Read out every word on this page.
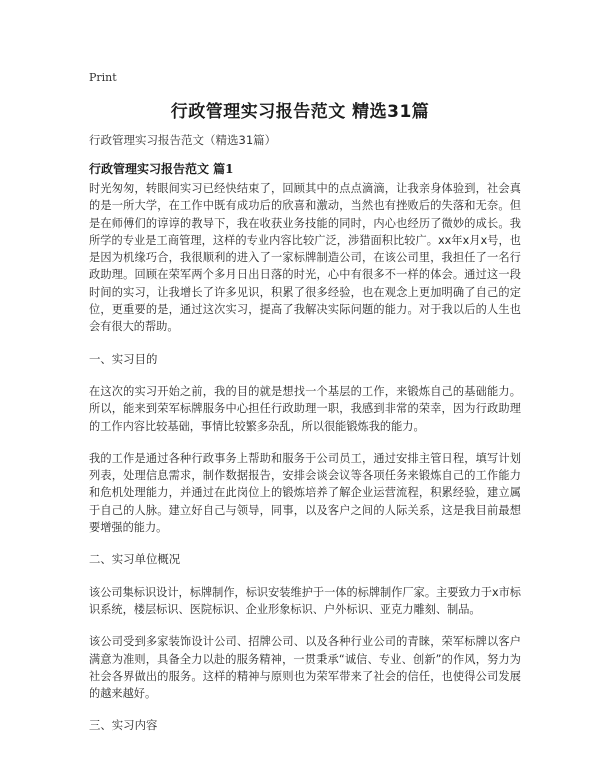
Print
行政管理实习报告范文 精选31篇
行政管理实习报告范文（精选31篇）
行政管理实习报告范文 篇1

时光匆匆，转眼间实习已经快结束了，回顾其中的点点滴滴，让我亲身体验到，社会真的是一所大学，在工作中既有成功后的欣喜和激动，当然也有挫败后的失落和无奈。但是在师傅们的谆谆的教导下，我在收获业务技能的同时，内心也经历了微妙的成长。我所学的专业是工商管理，这样的专业内容比较广泛，涉猎面积比较广。xx年x月x号，也是因为机缘巧合，我很顺利的进入了一家标牌制造公司，在该公司里，我担任了一名行政助理。回顾在荣军两个多月日出日落的时光，心中有很多不一样的体会。通过这一段时间的实习，让我增长了许多见识，积累了很多经验，也在观念上更加明确了自己的定位，更重要的是，通过这次实习，提高了我解决实际问题的能力。对于我以后的人生也会有很大的帮助。

一、实习目的

在这次的实习开始之前，我的目的就是想找一个基层的工作，来锻炼自己的基础能力。所以，能来到荣军标牌服务中心担任行政助理一职，我感到非常的荣幸，因为行政助理的工作内容比较基础，事情比较繁多杂乱，所以很能锻炼我的能力。

我的工作是通过各种行政事务上帮助和服务于公司员工，通过安排主管日程，填写计划列表，处理信息需求，制作数据报告，安排会谈会议等各项任务来锻炼自己的工作能力和危机处理能力，并通过在此岗位上的锻炼培养了解企业运营流程，积累经验，建立属于自己的人脉。建立好自己与领导，同事，以及客户之间的人际关系，这是我目前最想要增强的能力。

二、实习单位概况

该公司集标识设计，标牌制作，标识安装维护于一体的标牌制作厂家。主要致力于x市标识系统，楼层标识、医院标识、企业形象标识、户外标识、亚克力雕刻、制品。

该公司受到多家装饰设计公司、招牌公司、以及各种行业公司的青睐，荣军标牌以客户满意为准则，具备全力以赴的服务精神，一贯秉承“诚信、专业、创新”的作风，努力为社会各界做出的服务。这样的精神与原则也为荣军带来了社会的信任，也使得公司发展的越来越好。

三、实习内容
